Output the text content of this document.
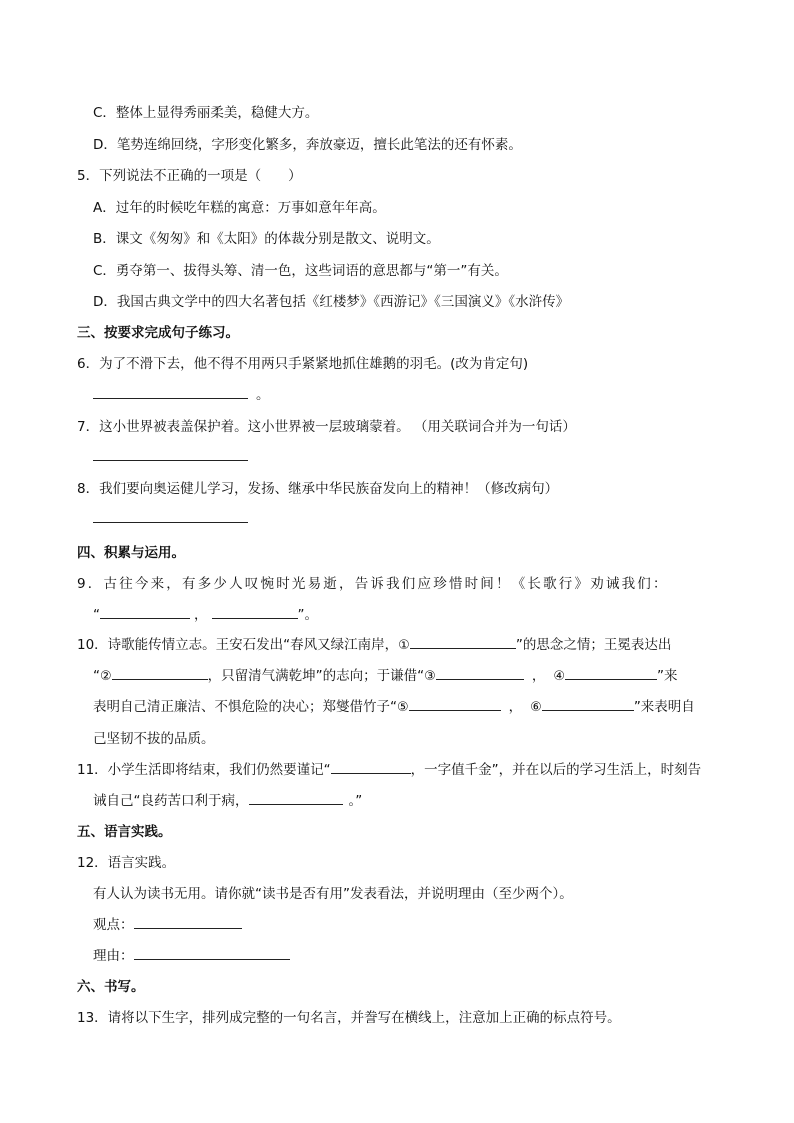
C．整体上显得秀丽柔美，稳健大方。
D．笔势连绵回绕，字形变化繁多，奔放豪迈，擅长此笔法的还有怀素。
5．下列说法不正确的一项是（　　）
A．过年的时候吃年糕的寓意：万事如意年年高。
B．课文《匆匆》和《太阳》的体裁分别是散文、说明文。
C．勇夺第一、拔得头筹、清一色，这些词语的意思都与“第一”有关。
D．我国古典文学中的四大名著包括《红楼梦》《西游记》《三国演义》《水浒传》
三、按要求完成句子练习。
6．为了不滑下去，他不得不用两只手紧紧地抓住雄鹅的羽毛。(改为肯定句)
。
7．这小世界被表盖保护着。这小世界被一层玻璃蒙着。 （用关联词合并为一句话）
8．我们要向奥运健儿学习，发扬、继承中华民族奋发向上的精神！（修改病句）
四、积累与运用。
9．古往今来，有多少人叹惋时光易逝，告诉我们应珍惜时间！《长歌行》劝诫我们：
“	，	”。
10．诗歌能传情立志。王安石发出“春风又绿江南岸，①	”的思念之情；王冕表达出
“②	，只留清气满乾坤”的志向；于谦借“③	， ④	”来
表明自己清正廉洁、不惧危险的决心；郑燮借竹子“⑤	， ⑥	”来表明自
己坚韧不拔的品质。
11．小学生活即将结束，我们仍然要谨记“	，一字值千金”，并在以后的学习生活上，时刻告
诫自己“良药苦口利于病，	。”
五、语言实践。
12．语言实践。
有人认为读书无用。请你就“读书是否有用”发表看法，并说明理由（至少两个）。
观点：
理由：
六、书写。
13．请将以下生字，排列成完整的一句名言，并誊写在横线上，注意加上正确的标点符号。
